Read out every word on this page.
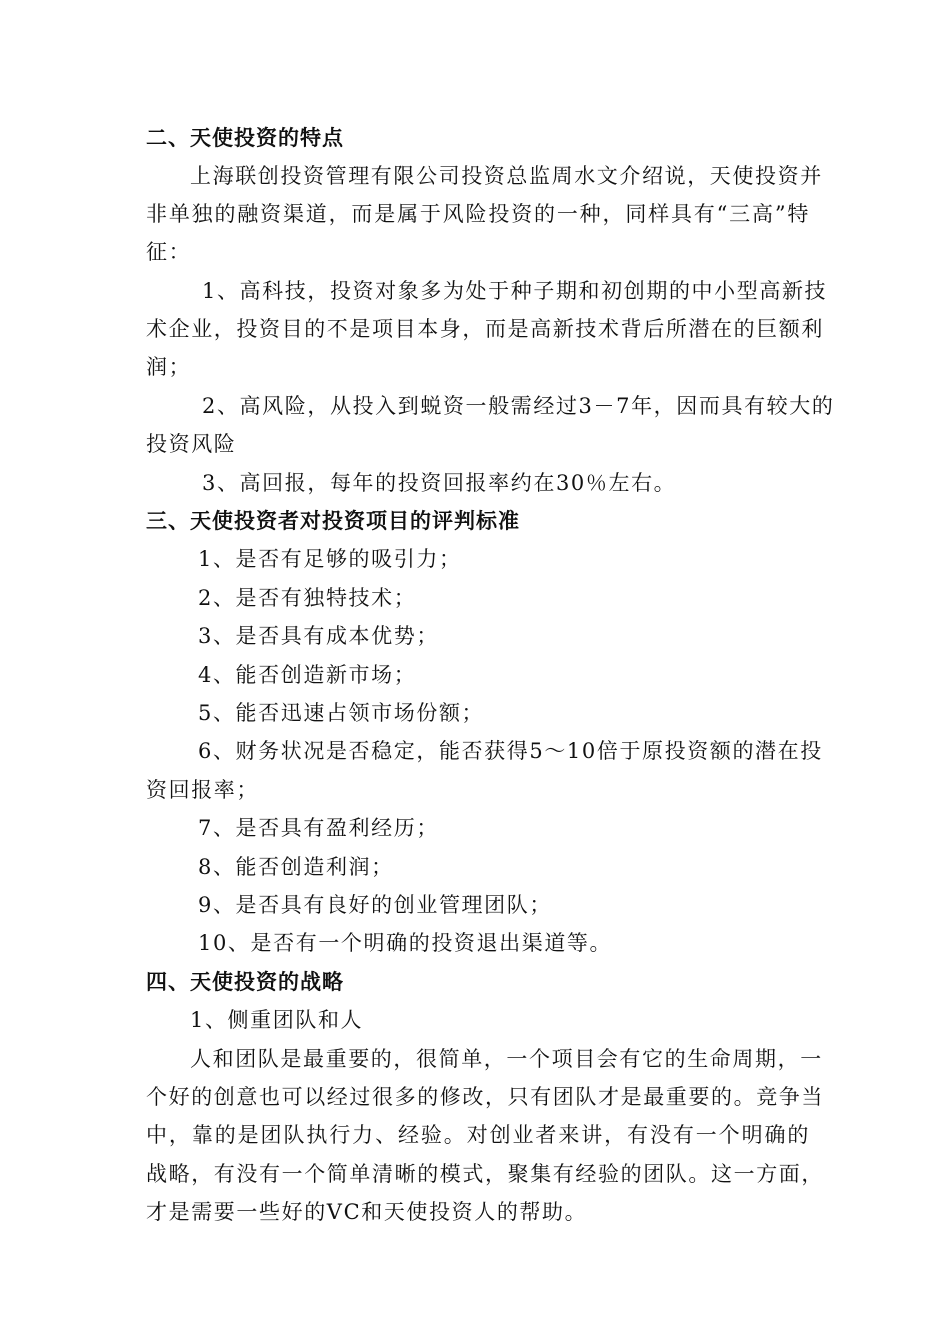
二、天使投资的特点
上海联创投资管理有限公司投资总监周水文介绍说，天使投资并
非单独的融资渠道，而是属于风险投资的一种，同样具有“三高”特
征：
1、高科技，投资对象多为处于种子期和初创期的中小型高新技
术企业，投资目的不是项目本身，而是高新技术背后所潜在的巨额利
润；
2、高风险，从投入到蜕资一般需经过3－7年，因而具有较大的
投资风险
3、高回报，每年的投资回报率约在30％左右。
三、天使投资者对投资项目的评判标准
1、是否有足够的吸引力；
2、是否有独特技术；
3、是否具有成本优势；
4、能否创造新市场；
5、能否迅速占领市场份额；
6、财务状况是否稳定，能否获得5～10倍于原投资额的潜在投
资回报率；
7、是否具有盈利经历；
8、能否创造利润；
9、是否具有良好的创业管理团队；
10、是否有一个明确的投资退出渠道等。
四、天使投资的战略
1、侧重团队和人
人和团队是最重要的，很简单，一个项目会有它的生命周期，一
个好的创意也可以经过很多的修改，只有团队才是最重要的。竞争当
中，靠的是团队执行力、经验。对创业者来讲，有没有一个明确的
战略，有没有一个简单清晰的模式，聚集有经验的团队。这一方面，
才是需要一些好的VC和天使投资人的帮助。
